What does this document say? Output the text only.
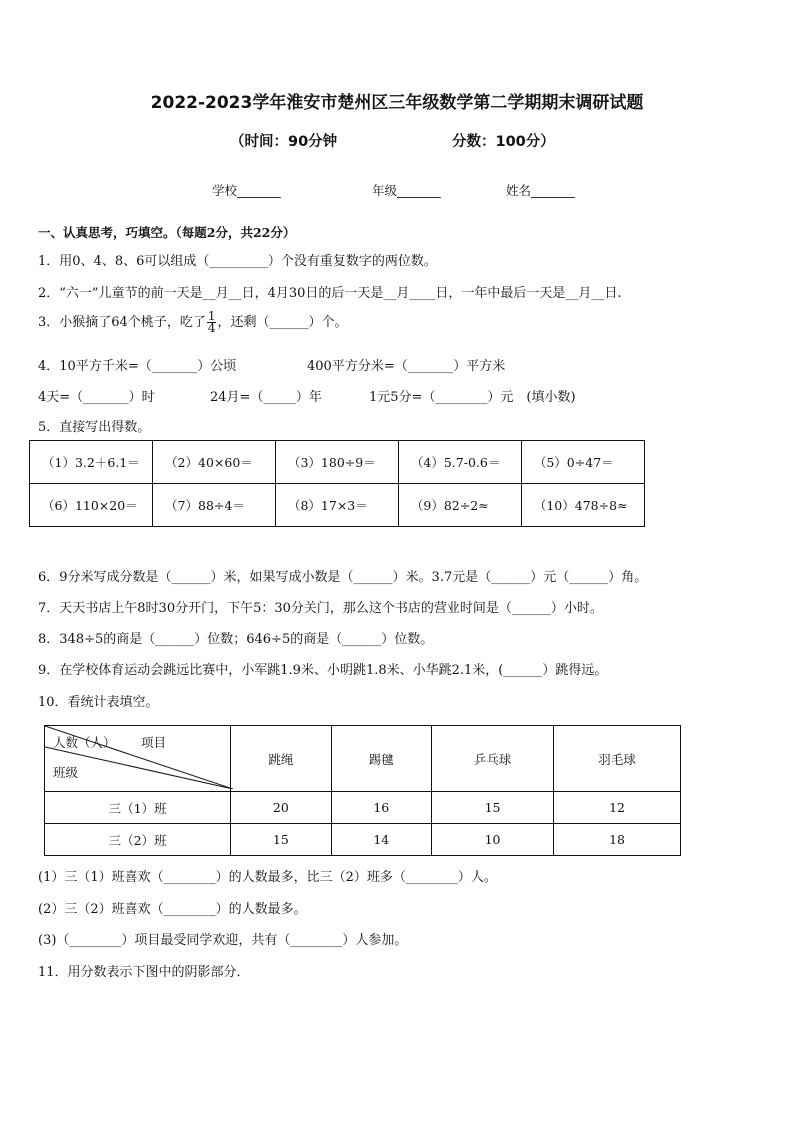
2022-2023学年淮安市楚州区三年级数学第二学期期末调研试题
（时间：90分钟	分数：100分）
学校_______	年级_______	姓名_______
一、认真思考，巧填空。（每题2分，共22分）
1．用0、4、8、6可以组成（_________）个没有重复数字的两位数。
2．“六一”儿童节的前一天是__月__日，4月30日的后一天是__月____日，一年中最后一天是__月__日.
3．小猴摘了64个桃子，吃了 $\frac{1}{4}$ ，还剩（______）个。
4．10平方千米=（_______）公顷	400平方分米=（_______）平方米
4天=（_______）时	24月=（_____）年	1元5分=（________）元　(填小数)
5．直接写出得数。
（1）3.2＋6.1＝	（2）40×60＝	（3）180÷9＝	（4）5.7-0.6＝	（5）0÷47＝
（6）110×20＝	（7）88÷4＝	（8）17×3＝	（9）82÷2≈	（10）478÷8≈
6．9分米写成分数是（______）米，如果写成小数是（______）米。3.7元是（______）元（______）角。
7．天天书店上午8时30分开门，下午5：30分关门，那么这个书店的营业时间是（______）小时。
8．348÷5的商是（______）位数；646÷5的商是（______）位数。
9．在学校体育运动会跳远比赛中，小军跳1.9米、小明跳1.8米、小华跳2.1米，(______）跳得远。
10．看统计表填空。
人数（人） 项目
班级	跳绳	踢毽	乒乓球	羽毛球
三（1）班	20	16	15	12
三（2）班	15	14	10	18
(1）三（1）班喜欢（________）的人数最多，比三（2）班多（________）人。
(2）三（2）班喜欢（________）的人数最多。
(3)（________）项目最受同学欢迎，共有（________）人参加。
11．用分数表示下图中的阴影部分．
